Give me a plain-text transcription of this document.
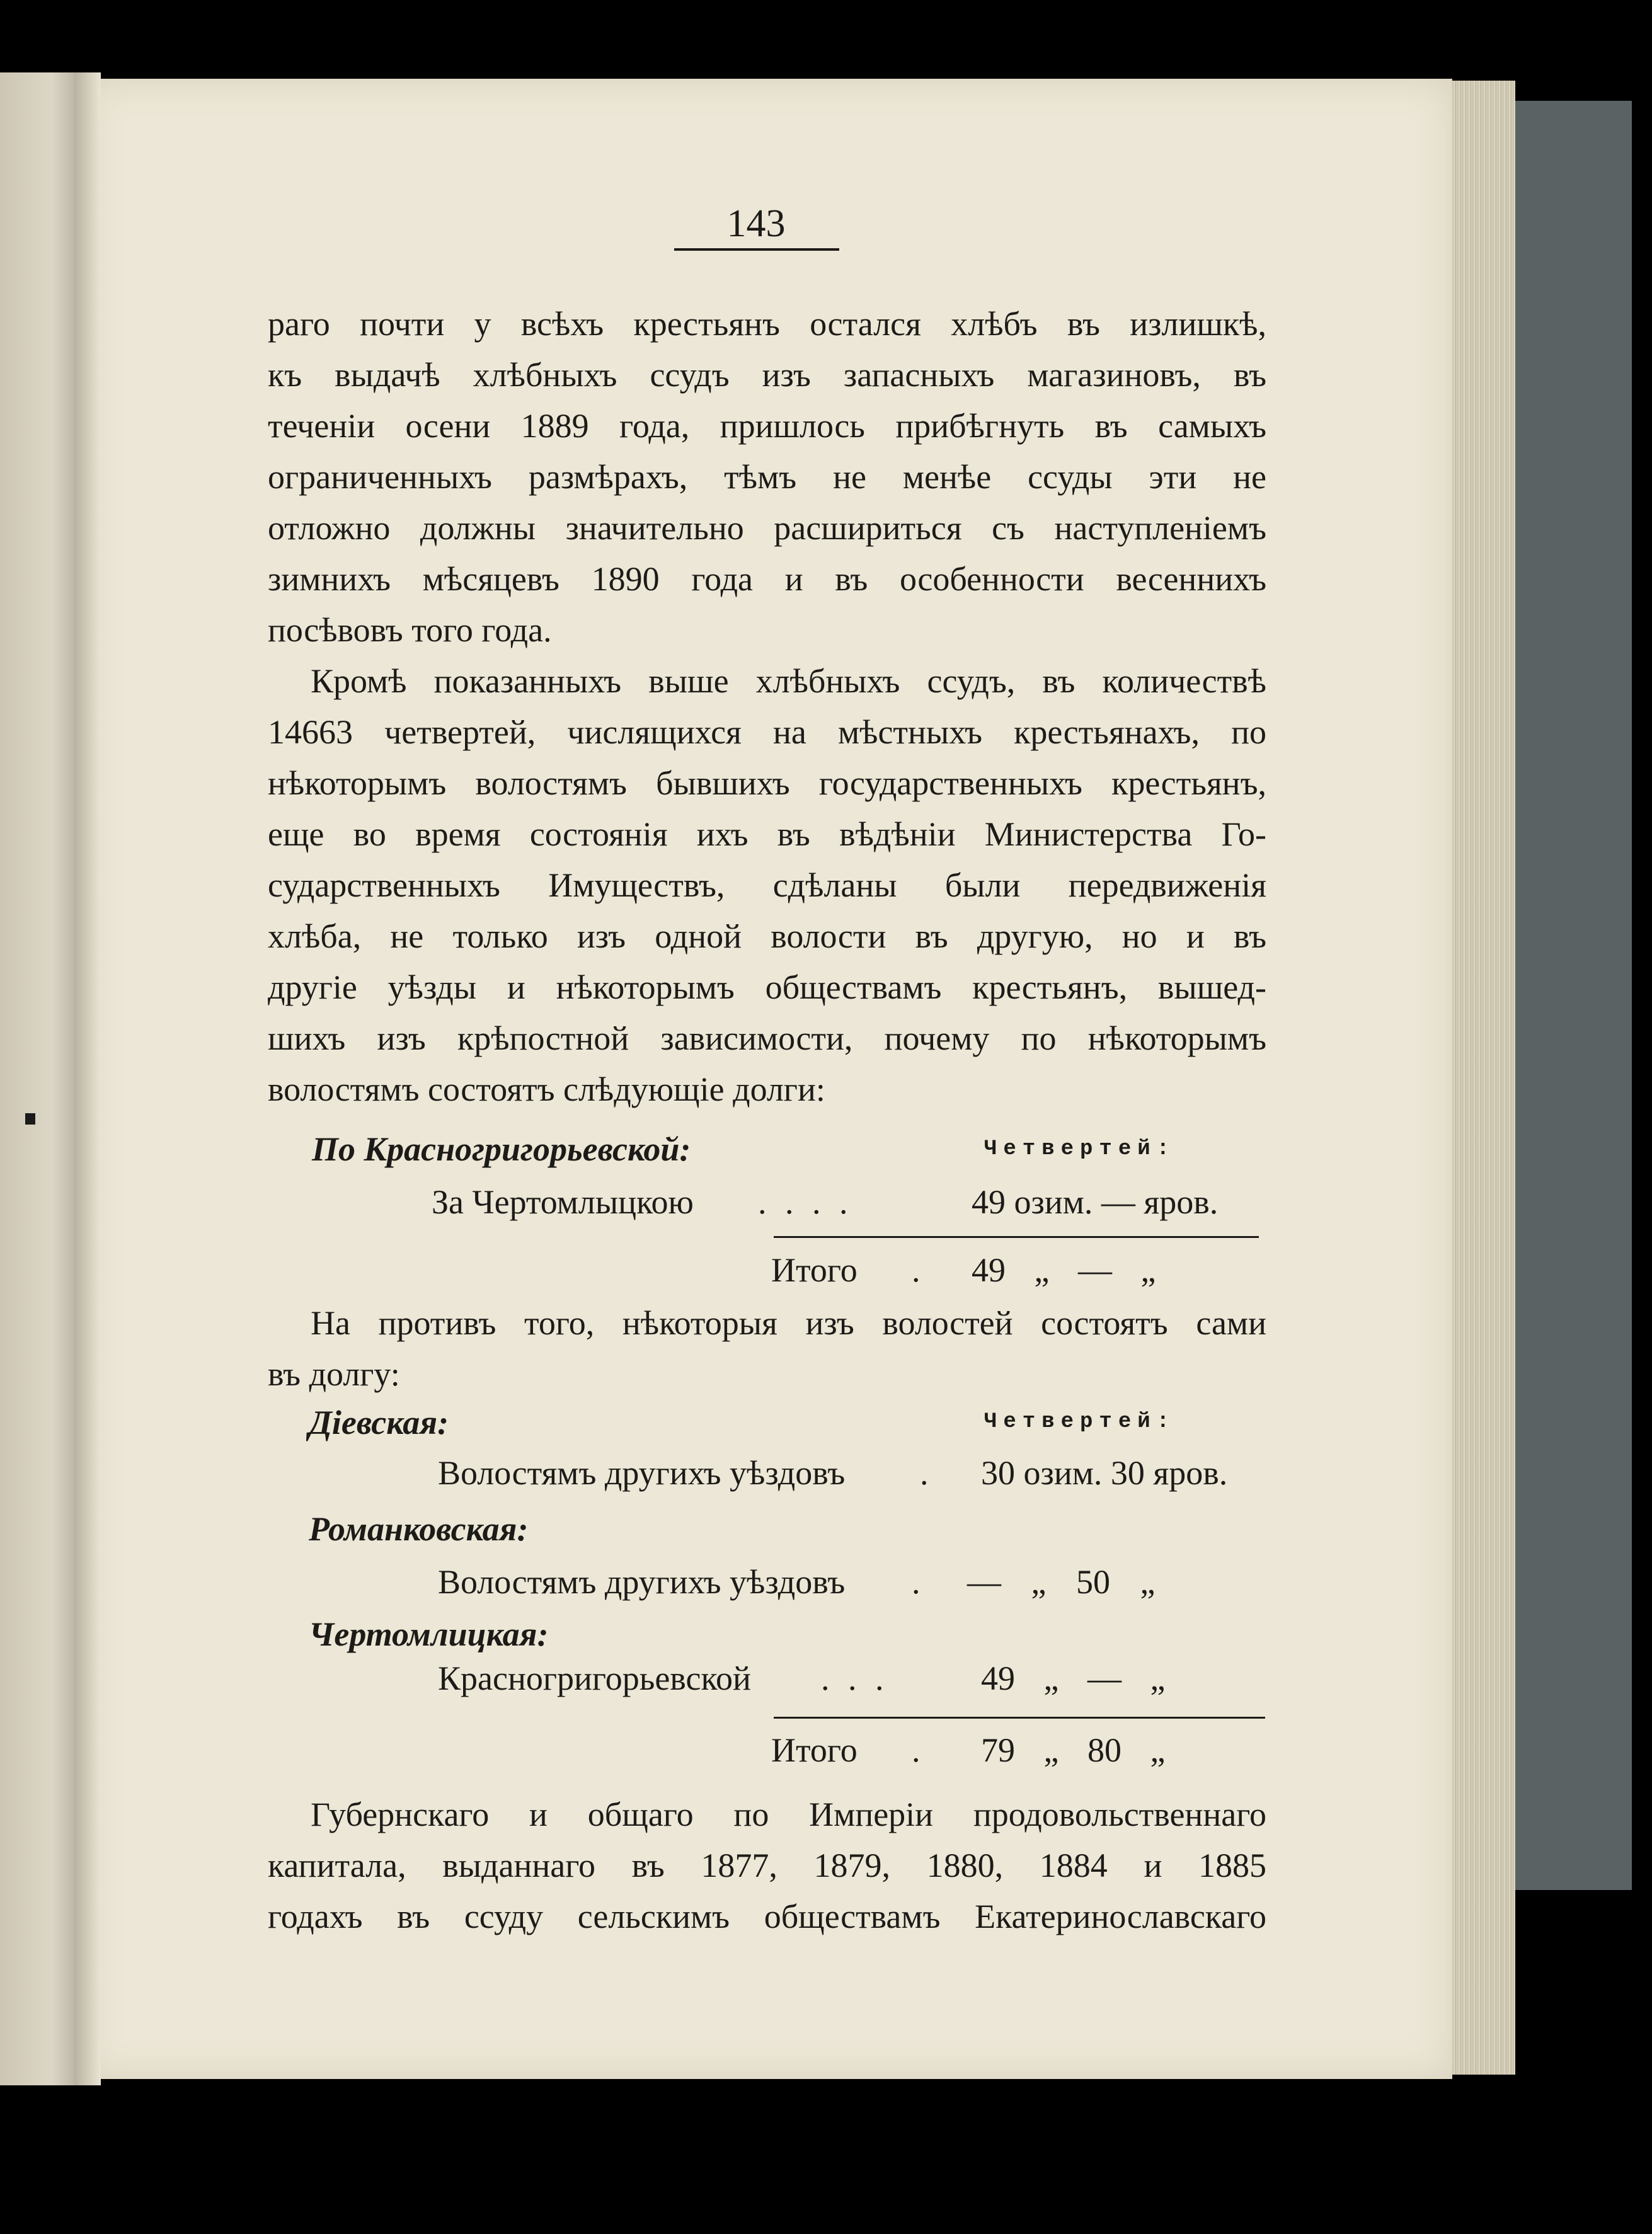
143
раго почти у всѣхъ крестьянъ остался хлѣбъ въ излишкѣ,
къ выдачѣ хлѣбныхъ ссудъ изъ запасныхъ магазиновъ, въ
теченіи осени 1889 года, пришлось прибѣгнуть въ самыхъ
ограниченныхъ размѣрахъ, тѣмъ не менѣе ссуды эти не
отложно должны значительно расшириться съ наступленіемъ
зимнихъ мѣсяцевъ 1890 года и въ особенности весеннихъ
посѣвовъ того года.
Кромѣ показанныхъ выше хлѣбныхъ ссудъ, въ количествѣ
14663 четвертей, числящихся на мѣстныхъ крестьянахъ, по
нѣкоторымъ волостямъ бывшихъ государственныхъ крестьянъ,
еще во время состоянія ихъ въ вѣдѣніи Министерства Го-
сударственныхъ Имуществъ, сдѣланы были передвиженія
хлѣба, не только изъ одной волости въ другую, но и въ
другіе уѣзды и нѣкоторымъ обществамъ крестьянъ, вышед-
шихъ изъ крѣпостной зависимости, почему по нѣкоторымъ
волостямъ состоятъ слѣдующіе долги:
По Красногригорьевской:	Четвертей:
За Чертомлыцкою . . . .	49 озим. — яров.
Итого . 49 „ — „
На противъ того, нѣкоторыя изъ волостей состоятъ сами
въ долгу:
Діевская:	Четвертей:
Волостямъ другихъ уѣздовъ . 30 озим. 30 яров.
Романковская:
Волостямъ другихъ уѣздовъ . — „ 50 „
Чертомлицкая:
Красногригорьевской . . .	49 „ — „
Итого . 79 „ 80 „
Губернскаго и общаго по Имперіи продовольственнаго
капитала, выданнаго въ 1877, 1879, 1880, 1884 и 1885
годахъ въ ссуду сельскимъ обществамъ Екатеринославскаго
